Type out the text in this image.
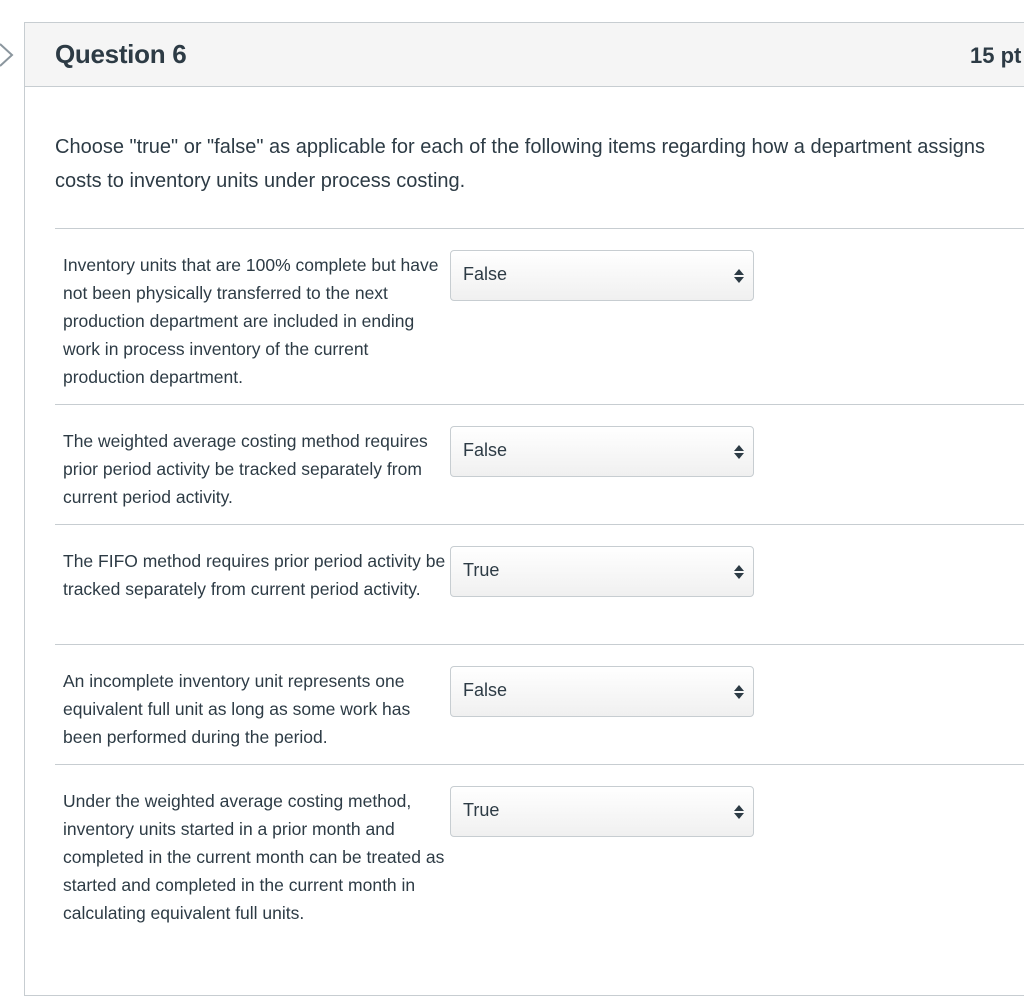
Question 6	15 pt
Choose "true" or "false" as applicable for each of the following items regarding how a department assigns costs to inventory units under process costing.
Inventory units that are 100% complete but have not been physically transferred to the next production department are included in ending work in process inventory of the current production department.
False
The weighted average costing method requires prior period activity be tracked separately from current period activity.
False
The FIFO method requires prior period activity be tracked separately from current period activity.
True
An incomplete inventory unit represents one equivalent full unit as long as some work has been performed during the period.
False
Under the weighted average costing method, inventory units started in a prior month and completed in the current month can be treated as started and completed in the current month in calculating equivalent full units.
True
